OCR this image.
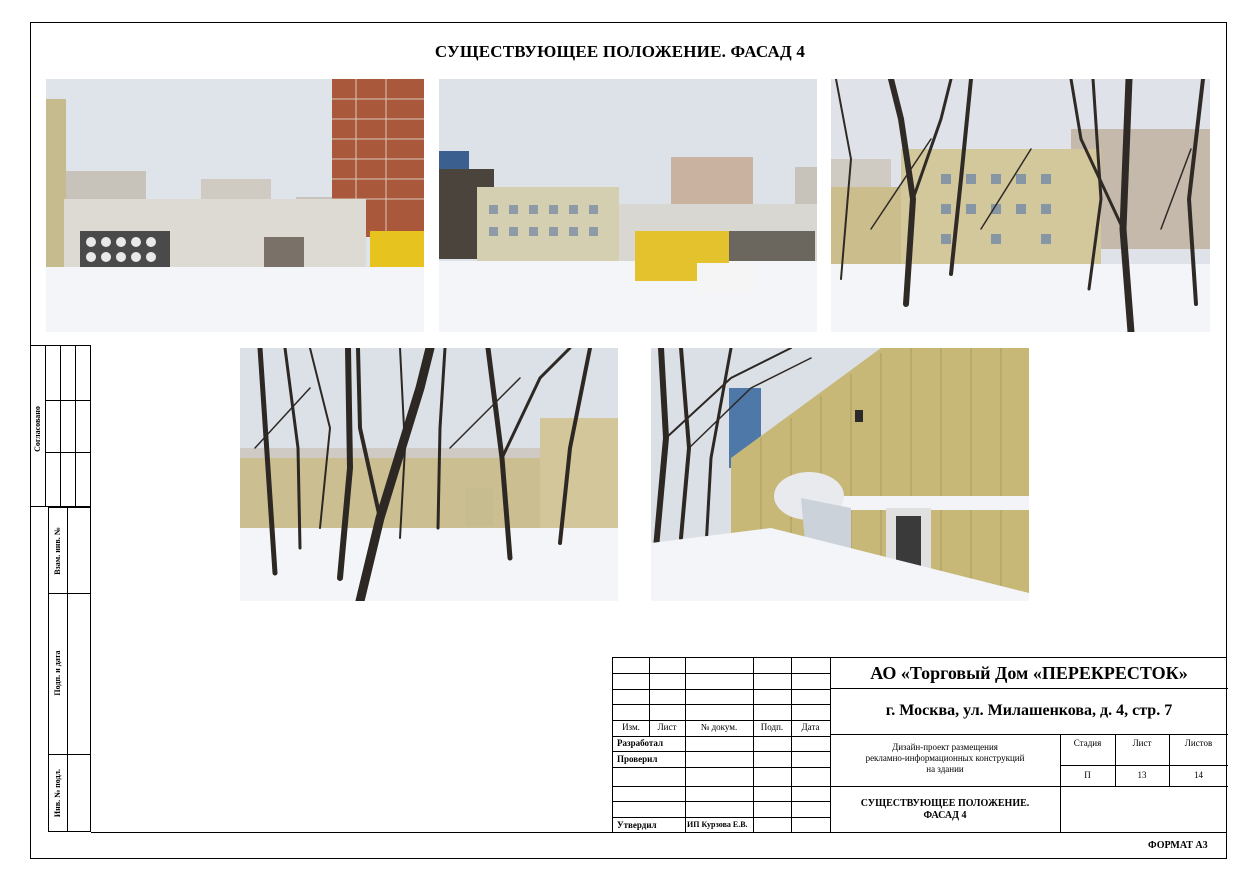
СУЩЕСТВУЮЩЕЕ ПОЛОЖЕНИЕ. ФАСАД 4
Согласовано
Взам. инв. №
Подп. и дата
Инв. № подл.
Изм.	Лист	№ докум.	Подп.	Дата
Разработал
Проверил
Утвердил	ИП Курзова Е.В.
АО «Торговый Дом «ПЕРЕКРЕСТОК»
г. Москва, ул. Милашенкова, д. 4, стр. 7
Дизайн-проект размещения
рекламно-информационных конструкций
на здании
Стадия	Лист	Листов
П	13	14
СУЩЕСТВУЮЩЕЕ ПОЛОЖЕНИЕ.
ФАСАД 4
ФОРМАТ А3
